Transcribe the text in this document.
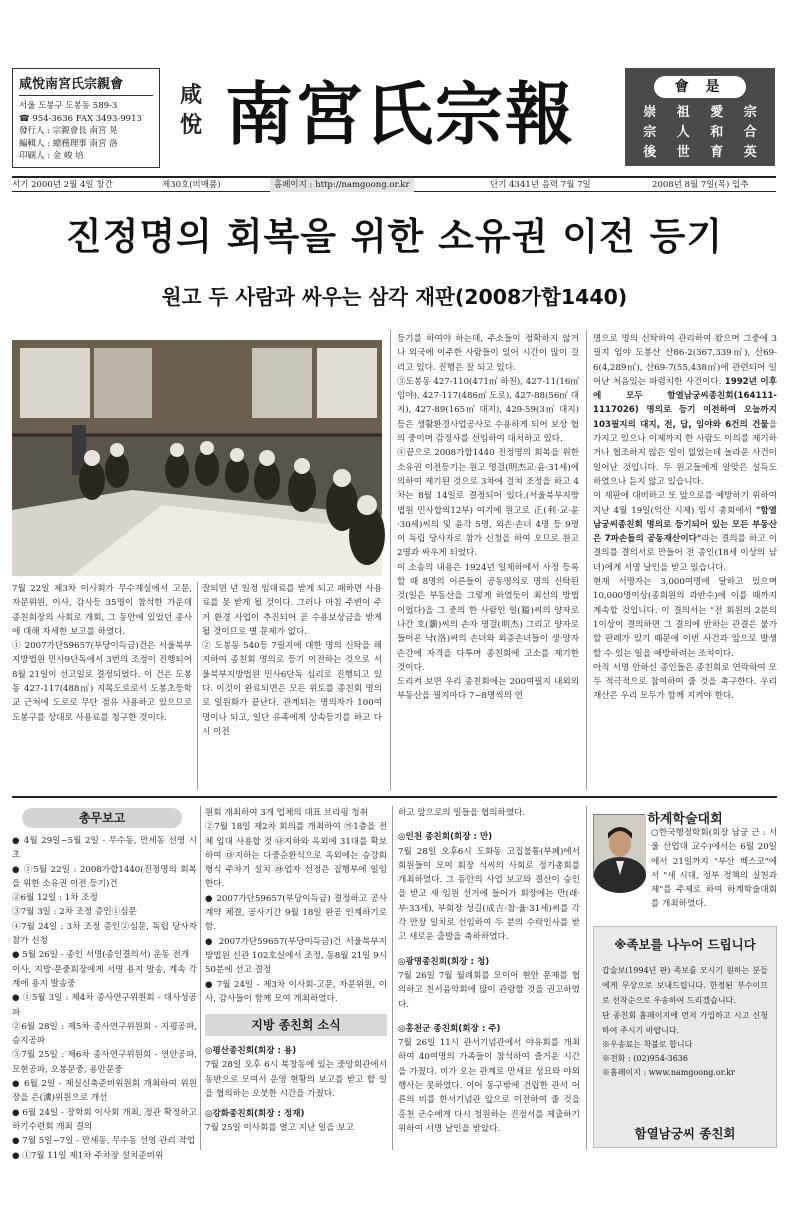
咸悅南宮氏宗親會
서울 도봉구 도봉동 589-3
☎ 954-3636 FAX 3493-9913
發行人 : 宗親會長 南宮 晃
編輯人 : 總務理事 南宮 洛
印刷人 : 金 峻 培
咸
悅 南宮氏宗報	會 是
崇	祖	愛	宗
宗	人	和	合
後	世	育	英
서기 2000년 2월 4일 창간	제30호(비매품)	홈페이지 : http://namgoong.or.kr	단기 4341년 음력 7월 7일	2008년 8월 7일(목) 입추
진정명의 회복을 위한 소유권 이전 등기
원고 두 사람과 싸우는 삼각 재판(2008가합1440)

7월 22일 제3차 이사회가 무수재실에서 고문, 자문위원, 이사, 감사등 35명이 참석한 가운데 종친회장의 사회로 개회, 그 동안에 있었던 종사에 대해 자세한 보고를 하였다.
① 2007가단59657(부당이득금)건은 서울북부지방법원 민사9단독에서 3번의 조정이 진행되어 8월 21일이 선고일로 결정되었다. 이 건은 도봉동 427-117(488㎡) 지목도로로서 도봉초등학교 근처에 도로로 무단 점유 사용하고 있으므로 도봉구를 상대로 사용료를 청구한 것이다.

잘되면 년 일정 임대료를 받게 되고 패하면 사용료를 못 받게 될 것이다. 그러나 마침 주변이 주거 환경 사업이 추진되어 곧 수용보상금을 받게 될 것이므로 별 문제가 없다.
② 도봉동 540등 7필지에 대한 명의 신탁을 해지하여 종친회 명의로 등기 이전하는 것으로 서울북부지방법원 민사6단독 심리로 진행되고 있다. 이것이 완료되면은 모든 위토를 종친회 명의로 일원화가 끝난다. 관계되는 명의자가 100여명이나 되고, 일단 유족에게 상속등기를 하고 다시 이전

등기를 하여야 하는데, 주소들이 정확하지 않거나 외국에 이주한 사람들이 있어 시간이 많이 걸리고 있다. 진행은 잘 되고 있다.
③도봉동 427-110(471㎡ 하천), 427-11(16㎡ 임야), 427-117(486㎡ 도로), 427-88(56㎡ 대지), 427-89(165㎡ 대지), 429-59(3㎡ 대지) 등은 생활환경사업공사로 수용하게 되어 보상 협의 중이며 감정사를 선임하여 대처하고 있다.
④끝으로 2008가합1440 진정명의 회복을 위한 소유권 이전등기는 원고 명걸(明杰교·윤·31세)에 의하여 제기된 것으로 3차에 걸쳐 조정을 하고 4차는 8월 14일로 결정되어 있다.(서울북부지방법원 민사합의12부) 여기에 원고로 正(利·교·윤·30세)씨의 및 윤각 5명, 외손·손녀 4명 등 9명이 독립 당사자로 참가 신청을 하여 오므로 원고 2명과 싸우게 되었다.
이 소송의 내용은 1924년 일제하에서 사정 등록할 때 8명의 어른들이 공동명의로 명의 신탁된 것(일은 부동산을 그렇게 하였듯이 최선의 방법이었다)을 그 중의 한 사람인 일(鎰)씨의 양자로 나간 호(灝)씨의 손자 명걸(明杰) 그리고 양자로 들어온 낙(洛)씨의 손녀와 외증손녀들이 생·양자손간에 자격을 다투며 종친회에 고소를 제기한 것이다.
도리켜 보면 우리 종친회에는 200여필지 내외의 부동산을 필지마다 7~8명씩의 연

명으로 명의 신탁하여 관리하여 왔으며 그중에 3필지 임야 도봉산 산86-2(367,339㎡), 산69-6(4,289㎡), 산69-7(55,438㎡)에 관련되어 일어난 처음있는 파렴치한 사건이다. 1992년 이후에 모두 함열남궁씨종친회(164111-1117026) 명의로 등기 이전하여 오늘까지 103필지의 대지, 전, 답, 임야와 6건의 건물을 가지고 있으나 이제까지 한 사람도 이의를 제기하거나 협조하지 않은 일이 없었는데 놀라운 사건이 일어난 것입니다. 두 원고들에게 알맞은 설득도 하였으나 듣지 않고 있습니다.
이 재판에 대비하고 또 앞으로를 예방하기 위하여 지난 4월 19일(익산 시제) 임시 총회에서 "함열남궁씨종친회 명의로 등기되어 있는 모든 부동산은 7파손들의 공동재산이다"라는 결의를 하고 이 결의를 결의서로 만들어 전 종인(18세 이상의 남녀)에게 서명 날인을 받고 있습니다.
현재 서명자는 3,000여명에 달하고 있으며 10,000명이상(종회원의 과반수)에 이를 때까지 계속할 것입니다. 이 결의서는 "전 회원의 2분의 1이상이 결의하면 그 결의에 반하는 관결은 불가할 판례가 있기 때문에 이번 사건과 앞으로 발생할 수 있는 일을 예방하려는 조치이다.
아직 서명 안하신 종인들은 종친회로 연락하여 모두 적극적으로 참여하여 줄 것을 촉구한다. 우리 재산은 우리 모두가 함께 지켜야 한다.
총무보고

● 4월 29일~5월 2일 - 무수동, 만세동 선영 시초
● ①5월 22일 : 2008가합1440(진정명의 회복을 위한 소유권 이전 등기)건
②6월 12일 : 1차 조정
③7월 3일 : 2차 조정 증인①심문
④7월 24일 : 3차 조정 증인②심문, 독립 당사자 참가 신청
● 5월 26일 - 종인 서명(종인결의서) 운동 전개
이사, 지방·문중회장에게 서명 용지 발송, 계속 각계에 용지 발송중
● ①5월 3일 : 제4차 종사연구위원회 - 대사성공파
②6월 28일 : 제5차 종사연구위원회 - 지평공파, 승지공파
③7월 25일 : 제6차 종사연구위원회 - 연안공파, 모현공파, 오봉문중, 용안문중
● 6월 2일 - 제실신축준비위원회 개최하여 위원장을 은(瀵)위원으로 개선
● 6월 24일 - 장학회 이사회 개최, 정관 확정하고 하기수련회 개최 결의
● 7월 5일~7일 - 만세동, 무수동 선영 관리 작업
● ①7월 11일 제1차 주차장 설치준비위

원회 개최하여 3개 업체의 대표 브리핑 청취
②7월 18일 제2차 회의를 개최하여 ㉮1층을 전체 임대 사용할 것 ㉯지하와 옥외에 31대를 확보하여 ㉰지하는 다중순환식으로 옥외에는 승강회형식 주차기 설치 ㉱업자 선정은 집행부에 일임한다.
● 2007가단59657(부당이득금) 결정하고 공사계약 체결, 공사기간 9월 18일 완공 인계하기로 함.
● 2007가단59657(부당이득금)건 서울북부지방법원 신관 102호실에서 조정, 동8월 21일 9시 50분에 선고 결정
● 7월 24일 - 제3차 이사회-고문, 자문위원, 이사, 감사들이 함께 모여 개최하였다.

지방 종친회 소식
◎평산종친회(회장 : 용)

7월 28일 오후 6시 북창동에 있는 중앙회관에서 동반으로 모여서 운영 현황의 보고를 받고 할 일을 협의하는 오붓한 시간을 가졌다.

◎강화종친회(회장 : 정재)

7월 25일 이사회를 열고 지난 일을 보고

하고 앞으로의 일들을 협의하였다.

◎인천 종친회(회장 : 만)

7월 28일 오후6시 도화동 고집불통(부페)에서 회원들이 모여 회장 석씨의 사회로 정기총회를 개최하였다. 그 동안의 사업 보고와 결산이 승인을 받고 새 임원 선거에 들어가 회장에는 만(래·부·33세), 부회장 성길(成吉·참·율·31세)씨를 각각 만장 일치로 선임하여 두 분의 수락인사를 받고 새로운 출발을 축하하였다.

◎광명종친회(회장 : 청)

7월 26일 7월 월례회를 모이어 현안 문제를 협의하고 친서음악회에 많이 관람할 것을 권고하였다.

◎홍천군 종친회(회장 : 주)

7월 26일 11시 관서기념관에서 야유회를 개최하여 40여명의 가족들이 참석하여 즐거운 시간을 가졌다. 비가 오는 관계로 만세묘 성묘와 야외행사는 못하였다. 이어 동구밖에 건립한 관서 어른의 비를 한서기념관 앞으로 이전하여 줄 것을 홍천 군수에게 다시 청원하는 진정서를 제출하기 위하여 서명 날인을 받았다.

하계학술대회

○한국행정학회(회장 남궁 근 : 서울 산업대 교수)에서는 6월 20일에서 21일까지 "부산 벡스코"에서 "새 시대, 정부 정책의 실천과제"를 주제로 하여 하계학술대회를 개최하였다.

※족보를 나누어 드립니다

갑술보(1994년 판) 족보를 모시기 원하는 분들에게 무상으로 보내드립니다. 한정된 부수이므로 선착순으로 우송하여 드리겠습니다.
단 종친회 홈페이지에 먼저 가입하고 시고 신청하여 주시기 바랍니다.

※우송료는 착불로 합니다

※전화 : (02)954-3636

※홈페이지 : www.namgoong.or.kr

함열남궁씨 종친회
